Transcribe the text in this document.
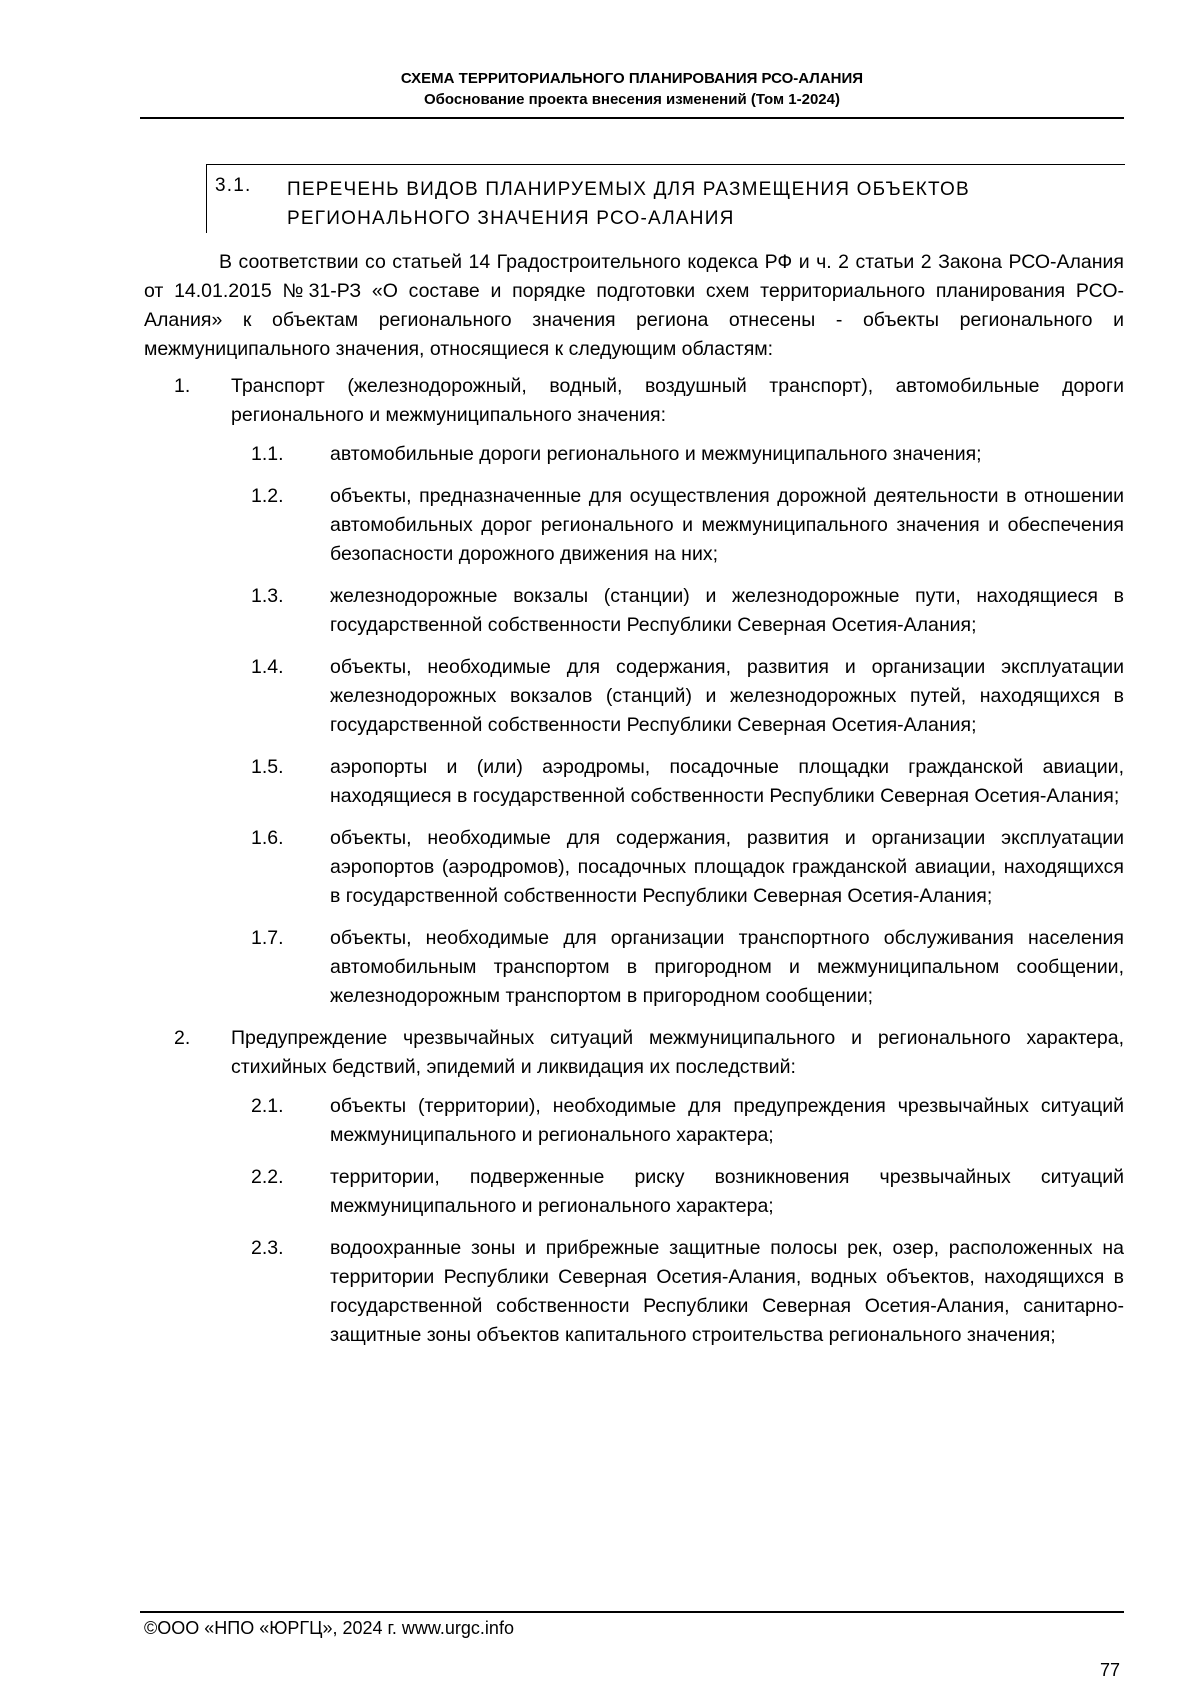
СХЕМА ТЕРРИТОРИАЛЬНОГО ПЛАНИРОВАНИЯ РСО-АЛАНИЯ
Обоснование проекта внесения изменений (Том 1-2024)
3.1. ПЕРЕЧЕНЬ ВИДОВ ПЛАНИРУЕМЫХ ДЛЯ РАЗМЕЩЕНИЯ ОБЪЕКТОВ РЕГИОНАЛЬНОГО ЗНАЧЕНИЯ РСО-АЛАНИЯ

В соответствии со статьей 14 Градостроительного кодекса РФ и ч. 2 статьи 2 Закона РСО-Алания от 14.01.2015 №31-РЗ «О составе и порядке подготовки схем территориального планирования РСО-Алания» к объектам регионального значения региона отнесены - объекты регионального и межмуниципального значения, относящиеся к следующим областям:

1. Транспорт (железнодорожный, водный, воздушный транспорт), автомобильные дороги регионального и межмуниципального значения:
1.1. автомобильные дороги регионального и межмуниципального значения;
1.2. объекты, предназначенные для осуществления дорожной деятельности в отношении автомобильных дорог регионального и межмуниципального значения и обеспечения безопасности дорожного движения на них;
1.3. железнодорожные вокзалы (станции) и железнодорожные пути, находящиеся в государственной собственности Республики Северная Осетия-Алания;
1.4. объекты, необходимые для содержания, развития и организации эксплуатации железнодорожных вокзалов (станций) и железнодорожных путей, находящихся в государственной собственности Республики Северная Осетия-Алания;
1.5. аэропорты и (или) аэродромы, посадочные площадки гражданской авиации, находящиеся в государственной собственности Республики Северная Осетия-Алания;
1.6. объекты, необходимые для содержания, развития и организации эксплуатации аэропортов (аэродромов), посадочных площадок гражданской авиации, находящихся в государственной собственности Республики Северная Осетия-Алания;
1.7. объекты, необходимые для организации транспортного обслуживания населения автомобильным транспортом в пригородном и межмуниципальном сообщении, железнодорожным транспортом в пригородном сообщении;
2. Предупреждение чрезвычайных ситуаций межмуниципального и регионального характера, стихийных бедствий, эпидемий и ликвидация их последствий:
2.1. объекты (территории), необходимые для предупреждения чрезвычайных ситуаций межмуниципального и регионального характера;
2.2. территории, подверженные риску возникновения чрезвычайных ситуаций межмуниципального и регионального характера;
2.3. водоохранные зоны и прибрежные защитные полосы рек, озер, расположенных на территории Республики Северная Осетия-Алания, водных объектов, находящихся в государственной собственности Республики Северная Осетия-Алания, санитарно-защитные зоны объектов капитального строительства регионального значения;
©ООО «НПО «ЮРГЦ», 2024 г. www.urgc.info
77
